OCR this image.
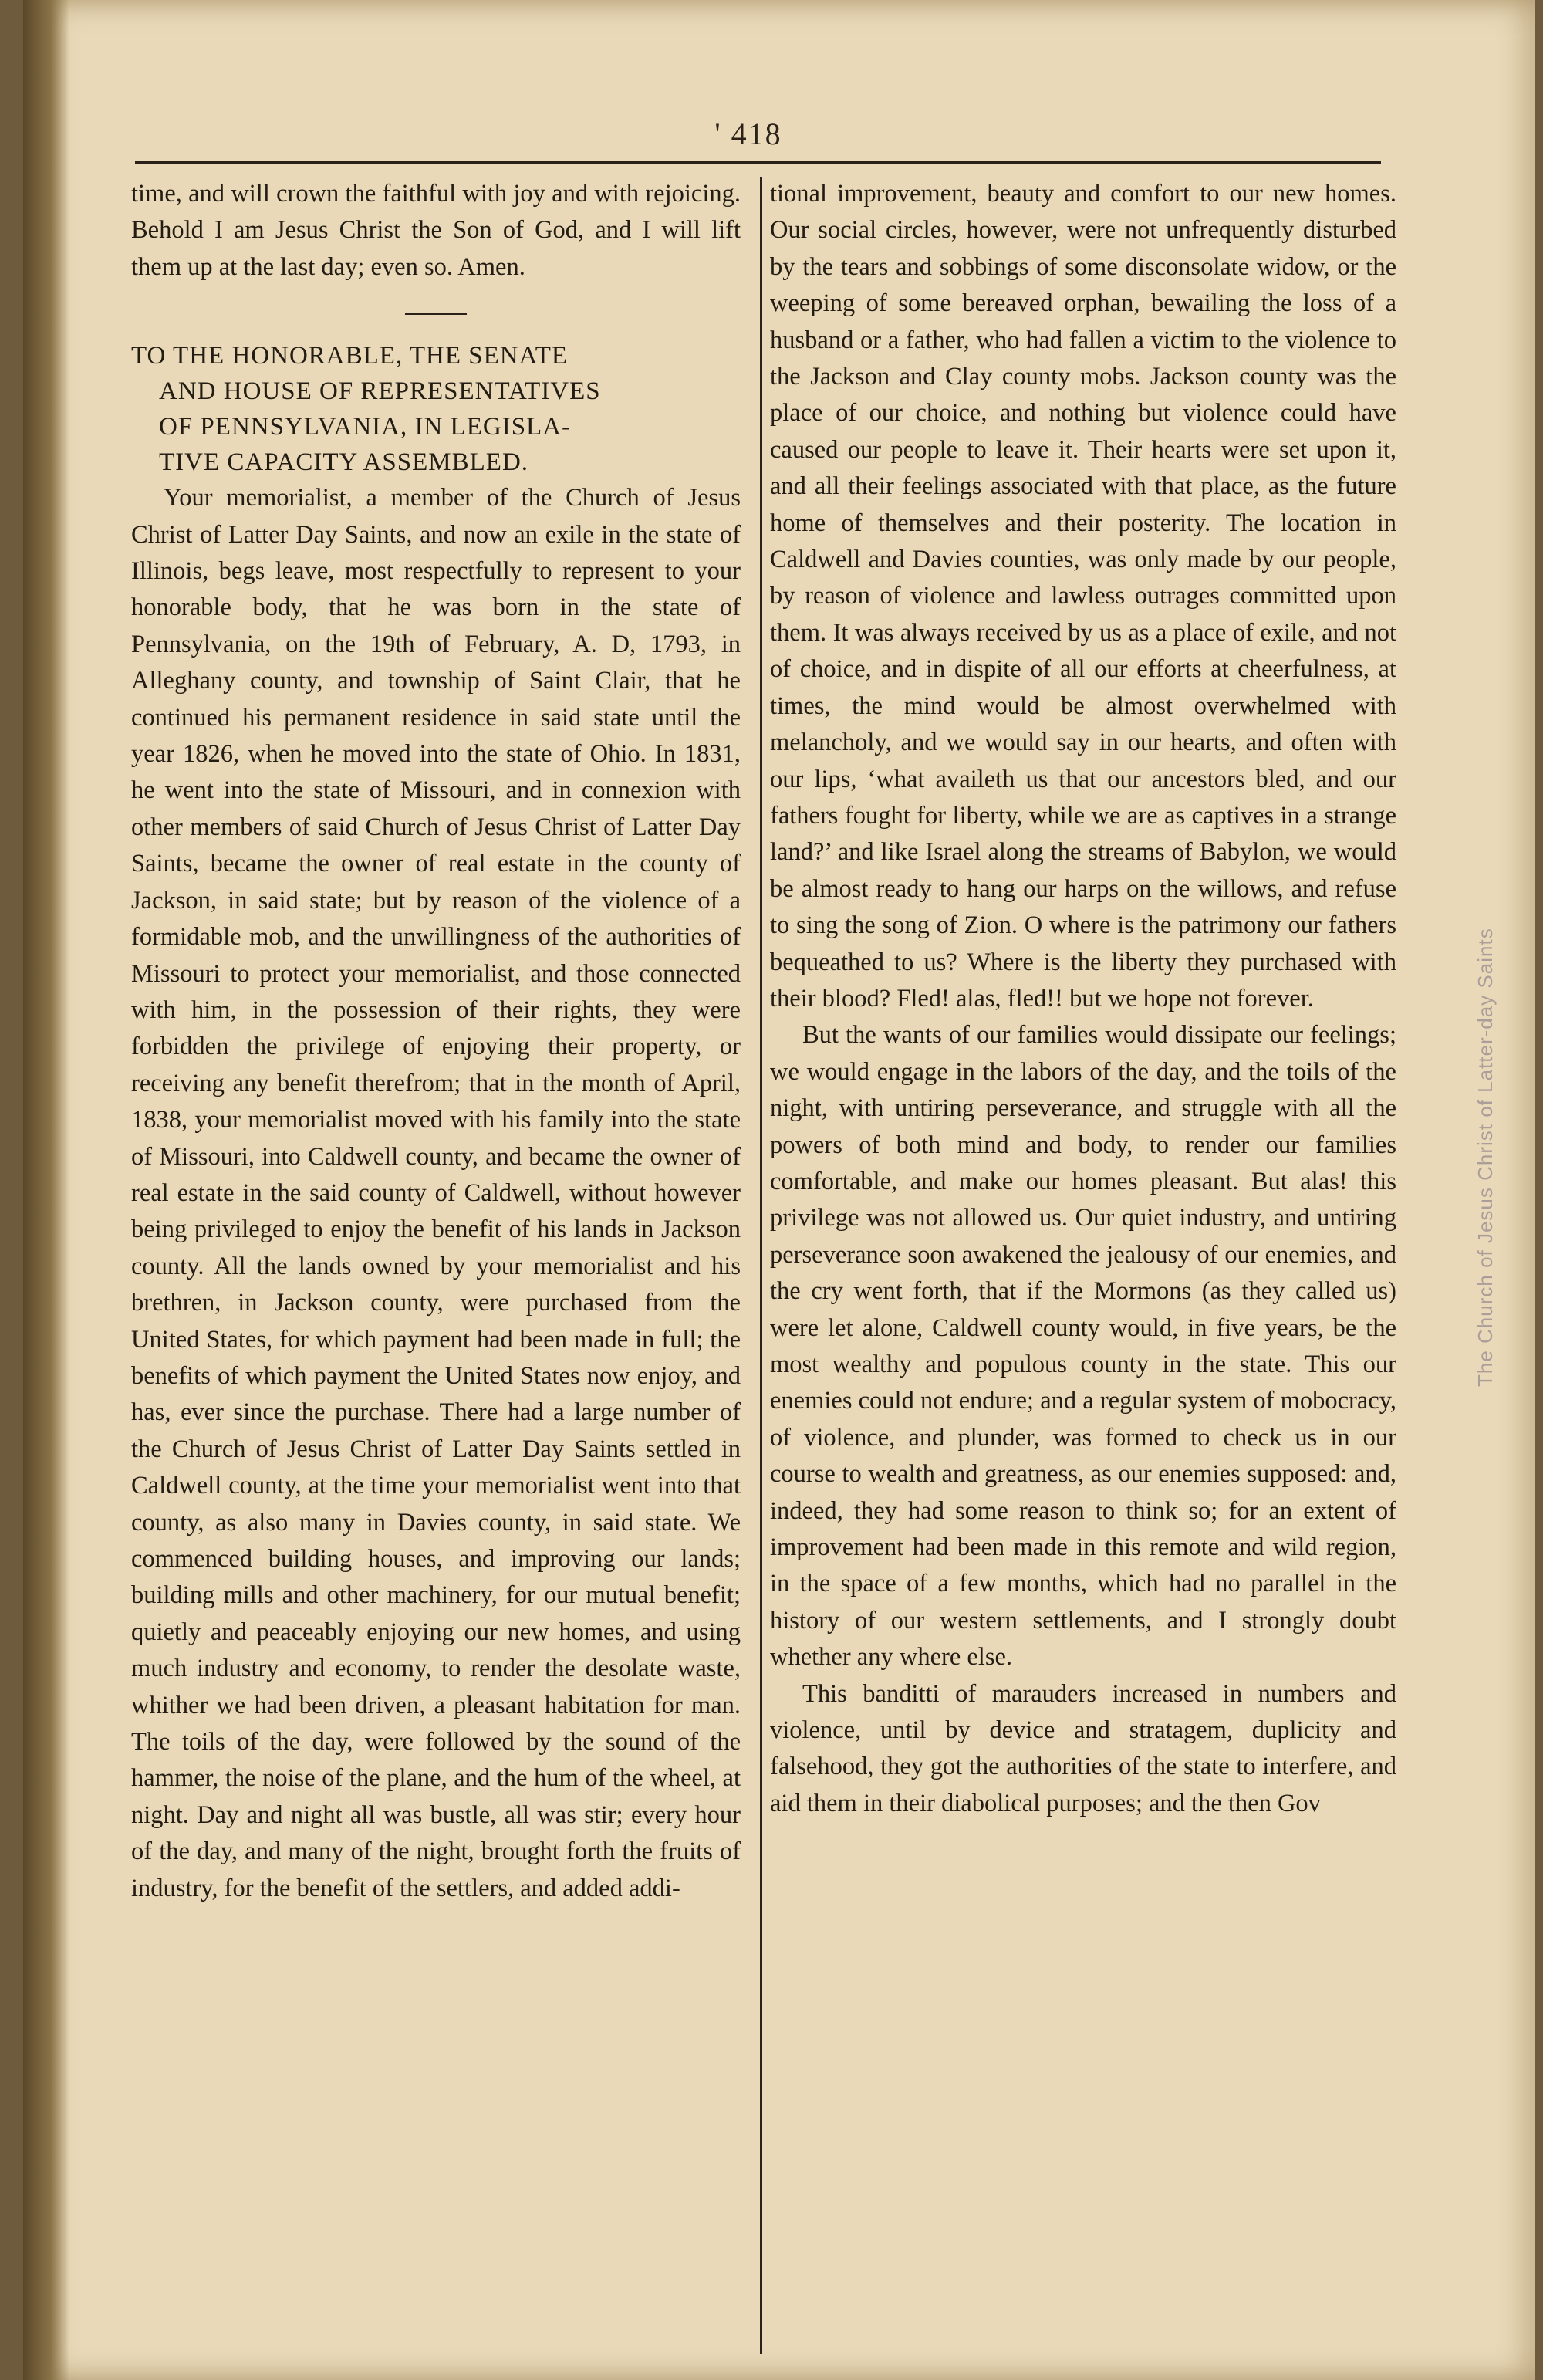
' 418

time, and will crown the faithful with joy and with rejoicing. Behold I am Jesus Christ the Son of God, and I will lift them up at the last day; even so. Amen.

TO THE HONORABLE, THE SENATE
AND HOUSE OF REPRESENTATIVES
OF PENNSYLVANIA, IN LEGISLA-
TIVE CAPACITY ASSEMBLED.

Your memorialist, a member of the Church of Jesus Christ of Latter Day Saints, and now an exile in the state of Illinois, begs leave, most respectfully to represent to your honorable body, that he was born in the state of Pennsylvania, on the 19th of February, A. D, 1793, in Alleghany county, and township of Saint Clair, that he continued his permanent residence in said state until the year 1826, when he moved into the state of Ohio. In 1831, he went into the state of Missouri, and in connexion with other members of said Church of Jesus Christ of Latter Day Saints, became the owner of real estate in the county of Jackson, in said state; but by reason of the violence of a formidable mob, and the unwillingness of the authorities of Missouri to protect your memorialist, and those connected with him, in the possession of their rights, they were forbidden the privilege of enjoying their property, or receiving any benefit therefrom; that in the month of April, 1838, your memorialist moved with his family into the state of Missouri, into Caldwell county, and became the owner of real estate in the said county of Caldwell, without however being privileged to enjoy the benefit of his lands in Jackson county. All the lands owned by your memorialist and his brethren, in Jackson county, were purchased from the United States, for which payment had been made in full; the benefits of which payment the United States now enjoy, and has, ever since the purchase. There had a large number of the Church of Jesus Christ of Latter Day Saints settled in Caldwell county, at the time your memorialist went into that county, as also many in Davies county, in said state. We commenced building houses, and improving our lands; building mills and other machinery, for our mutual benefit; quietly and peaceably enjoying our new homes, and using much industry and economy, to render the desolate waste, whither we had been driven, a pleasant habitation for man. The toils of the day, were followed by the sound of the hammer, the noise of the plane, and the hum of the wheel, at night. Day and night all was bustle, all was stir; every hour of the day, and many of the night, brought forth the fruits of industry, for the benefit of the settlers, and added addi-

tional improvement, beauty and comfort to our new homes. Our social circles, however, were not unfrequently disturbed by the tears and sobbings of some disconsolate widow, or the weeping of some bereaved orphan, bewailing the loss of a husband or a father, who had fallen a victim to the violence to the Jackson and Clay county mobs. Jackson county was the place of our choice, and nothing but violence could have caused our people to leave it. Their hearts were set upon it, and all their feelings associated with that place, as the future home of themselves and their posterity. The location in Caldwell and Davies counties, was only made by our people, by reason of violence and lawless outrages committed upon them. It was always received by us as a place of exile, and not of choice, and in dispite of all our efforts at cheerfulness, at times, the mind would be almost overwhelmed with melancholy, and we would say in our hearts, and often with our lips, ‘what availeth us that our ancestors bled, and our fathers fought for liberty, while we are as captives in a strange land?’ and like Israel along the streams of Babylon, we would be almost ready to hang our harps on the willows, and refuse to sing the song of Zion. O where is the patrimony our fathers bequeathed to us? Where is the liberty they purchased with their blood? Fled! alas, fled!! but we hope not forever.

But the wants of our families would dissipate our feelings; we would engage in the labors of the day, and the toils of the night, with untiring perseverance, and struggle with all the powers of both mind and body, to render our families comfortable, and make our homes pleasant. But alas! this privilege was not allowed us. Our quiet industry, and untiring perseverance soon awakened the jealousy of our enemies, and the cry went forth, that if the Mormons (as they called us) were let alone, Caldwell county would, in five years, be the most wealthy and populous county in the state. This our enemies could not endure; and a regular system of mobocracy, of violence, and plunder, was formed to check us in our course to wealth and greatness, as our enemies supposed: and, indeed, they had some reason to think so; for an extent of improvement had been made in this remote and wild region, in the space of a few months, which had no parallel in the history of our western settlements, and I strongly doubt whether any where else.

This banditti of marauders increased in numbers and violence, until by device and stratagem, duplicity and falsehood, they got the authorities of the state to interfere, and aid them in their diabolical purposes; and the then Gov

The Church of Jesus Christ of Latter-day Saints
